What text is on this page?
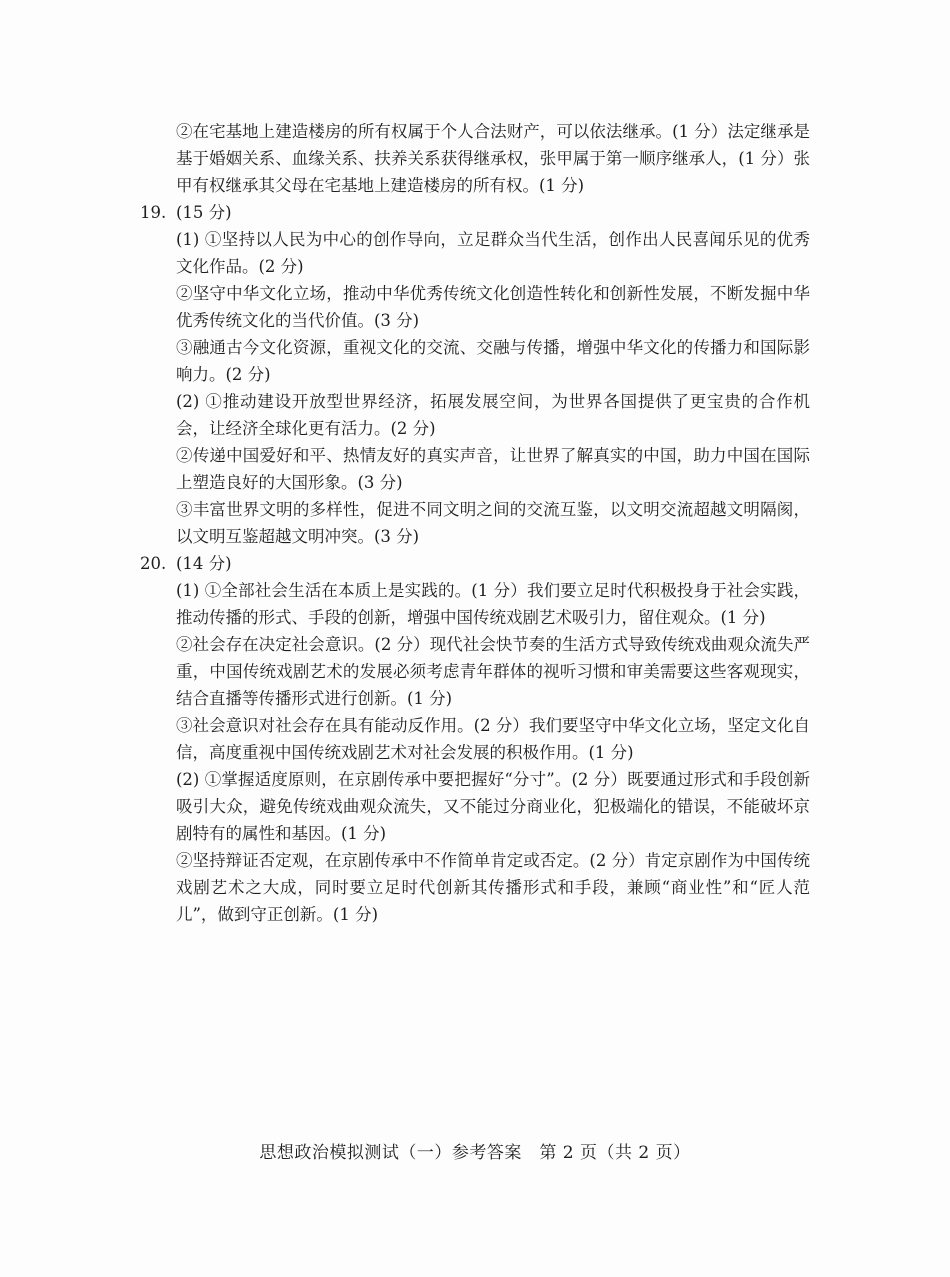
②在宅基地上建造楼房的所有权属于个人合法财产，可以依法继承。(1 分）法定继承是基于婚姻关系、血缘关系、扶养关系获得继承权，张甲属于第一顺序继承人，(1 分）张甲有权继承其父母在宅基地上建造楼房的所有权。(1 分)

19. (15 分)

(1) ①坚持以人民为中心的创作导向，立足群众当代生活，创作出人民喜闻乐见的优秀文化作品。(2 分)

②坚守中华文化立场，推动中华优秀传统文化创造性转化和创新性发展，不断发掘中华优秀传统文化的当代价值。(3 分)

③融通古今文化资源，重视文化的交流、交融与传播，增强中华文化的传播力和国际影响力。(2 分)

(2) ①推动建设开放型世界经济，拓展发展空间，为世界各国提供了更宝贵的合作机会，让经济全球化更有活力。(2 分)

②传递中国爱好和平、热情友好的真实声音，让世界了解真实的中国，助力中国在国际上塑造良好的大国形象。(3 分)

③丰富世界文明的多样性，促进不同文明之间的交流互鉴，以文明交流超越文明隔阂，以文明互鉴超越文明冲突。(3 分)

20. (14 分)

(1) ①全部社会生活在本质上是实践的。(1 分）我们要立足时代积极投身于社会实践，推动传播的形式、手段的创新，增强中国传统戏剧艺术吸引力，留住观众。(1 分)

②社会存在决定社会意识。(2 分）现代社会快节奏的生活方式导致传统戏曲观众流失严重，中国传统戏剧艺术的发展必须考虑青年群体的视听习惯和审美需要这些客观现实，结合直播等传播形式进行创新。(1 分)

③社会意识对社会存在具有能动反作用。(2 分）我们要坚守中华文化立场，坚定文化自信，高度重视中国传统戏剧艺术对社会发展的积极作用。(1 分)

(2) ①掌握适度原则，在京剧传承中要把握好“分寸”。(2 分）既要通过形式和手段创新吸引大众，避免传统戏曲观众流失，又不能过分商业化，犯极端化的错误，不能破坏京剧特有的属性和基因。(1 分)

②坚持辩证否定观，在京剧传承中不作简单肯定或否定。(2 分）肯定京剧作为中国传统戏剧艺术之大成，同时要立足时代创新其传播形式和手段，兼顾“商业性”和“匠人范儿”，做到守正创新。(1 分)

思想政治模拟测试（一）参考答案　第 2 页（共 2 页）
